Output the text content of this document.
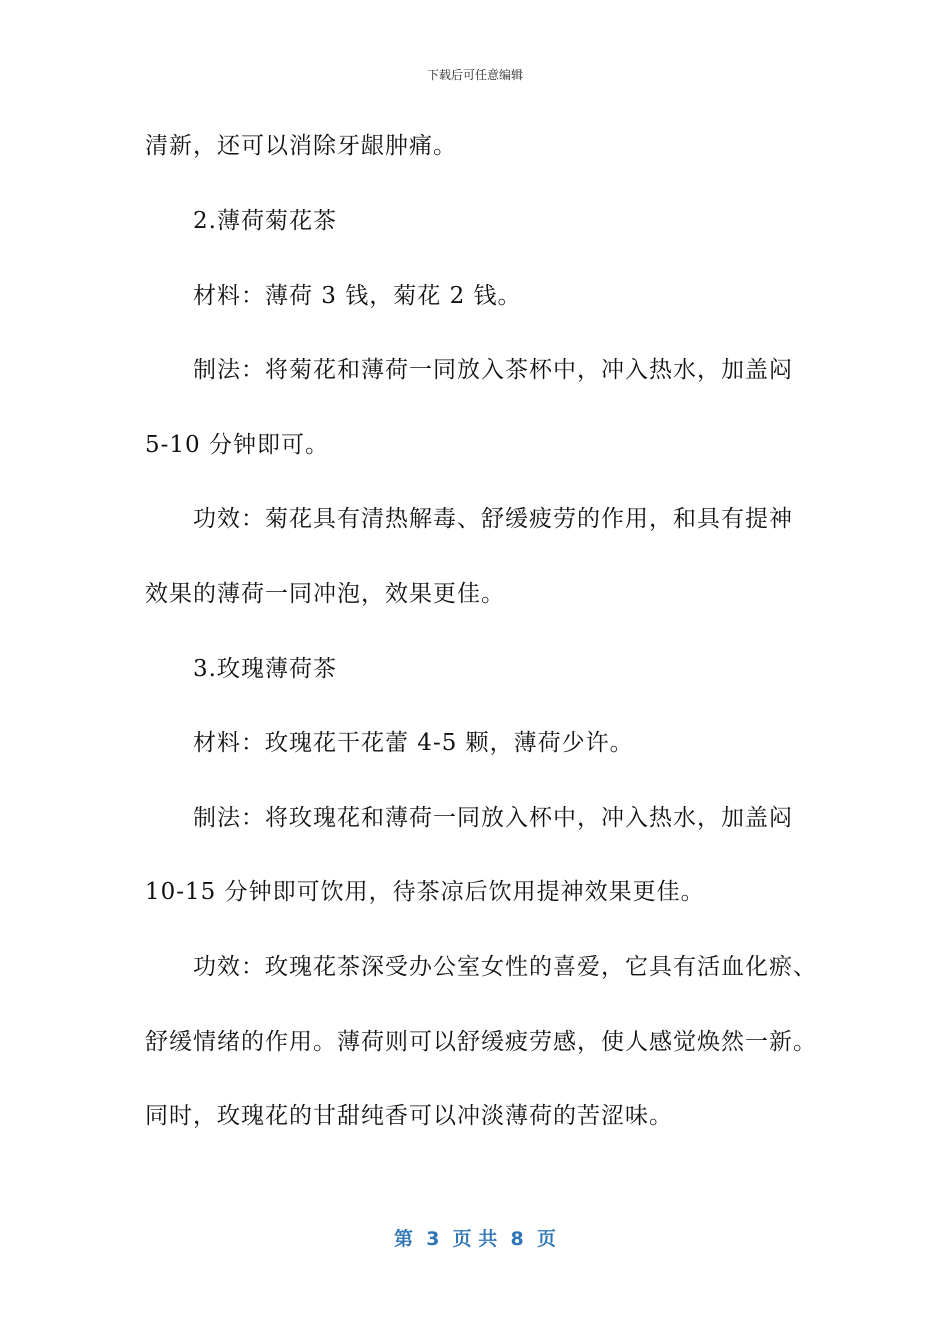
下载后可任意编辑
清新，还可以消除牙龈肿痛。
2.薄荷菊花茶
材料：薄荷 3 钱，菊花 2 钱。
制法：将菊花和薄荷一同放入茶杯中，冲入热水，加盖闷
5-10 分钟即可。
功效：菊花具有清热解毒、舒缓疲劳的作用，和具有提神
效果的薄荷一同冲泡，效果更佳。
3.玫瑰薄荷茶
材料：玫瑰花干花蕾 4-5 颗，薄荷少许。
制法：将玫瑰花和薄荷一同放入杯中，冲入热水，加盖闷
10-15 分钟即可饮用，待茶凉后饮用提神效果更佳。
功效：玫瑰花茶深受办公室女性的喜爱，它具有活血化瘀、
舒缓情绪的作用。薄荷则可以舒缓疲劳感，使人感觉焕然一新。
同时，玫瑰花的甘甜纯香可以冲淡薄荷的苦涩味。
第  3  页 共  8  页
